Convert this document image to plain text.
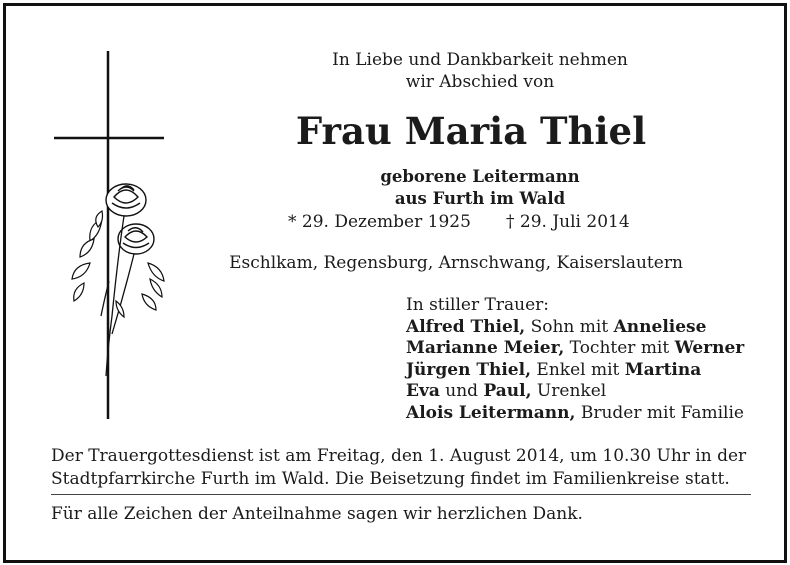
In Liebe und Dankbarkeit nehmen
wir Abschied von
Frau Maria Thiel
geborene Leitermann
aus Furth im Wald
* 29. Dezember 1925 † 29. Juli 2014
Eschlkam, Regensburg, Arnschwang, Kaiserslautern
In stiller Trauer:
Alfred Thiel, Sohn mit Anneliese
Marianne Meier, Tochter mit Werner
Jürgen Thiel, Enkel mit Martina
Eva und Paul, Urenkel
Alois Leitermann, Bruder mit Familie
Der Trauergottesdienst ist am Freitag, den 1. August 2014, um 10.30 Uhr in der
Stadtpfarrkirche Furth im Wald. Die Beisetzung findet im Familienkreise statt.
Für alle Zeichen der Anteilnahme sagen wir herzlichen Dank.
